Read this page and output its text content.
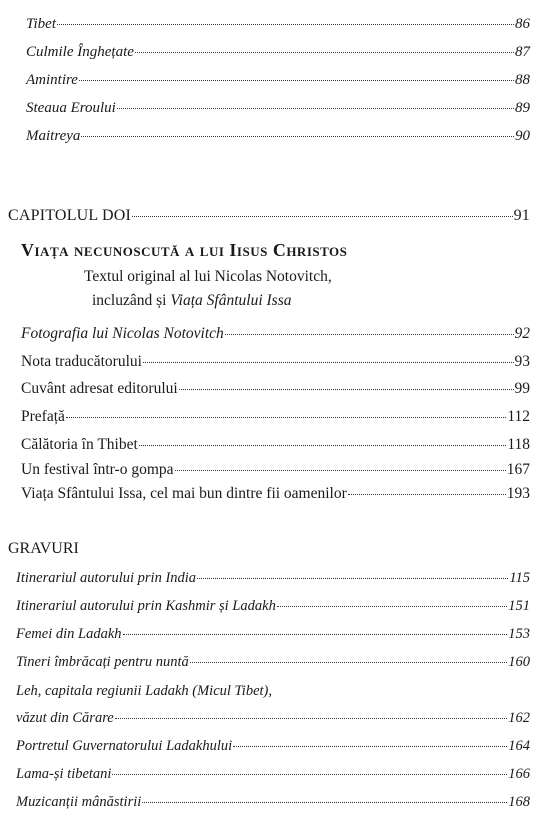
Tibet	86
Culmile Înghețate	87
Amintire	88
Steaua Eroului	89
Maitreya	90
CAPITOLUL DOI	91
Viața necunoscută a lui Iisus Christos
Textul original al lui Nicolas Notovitch,
incluzând și Viața Sfântului Issa
Fotografia lui Nicolas Notovitch	92
Nota traducătorului	93
Cuvânt adresat editorului	99
Prefață	112
Călătoria în Thibet	118
Un festival într-o gompa	167
Viața Sfântului Issa, cel mai bun dintre fii oamenilor	193
GRAVURI
Itinerariul autorului prin India	115
Itinerariul autorului prin Kashmir și Ladakh	151
Femei din Ladakh	153
Tineri îmbrăcați pentru nuntă	160
Leh, capitala regiunii Ladakh (Micul Tibet),
văzut din Cărare	162
Portretul Guvernatorului Ladakhului	164
Lama-și tibetani	166
Muzicanții mânăstirii	168
